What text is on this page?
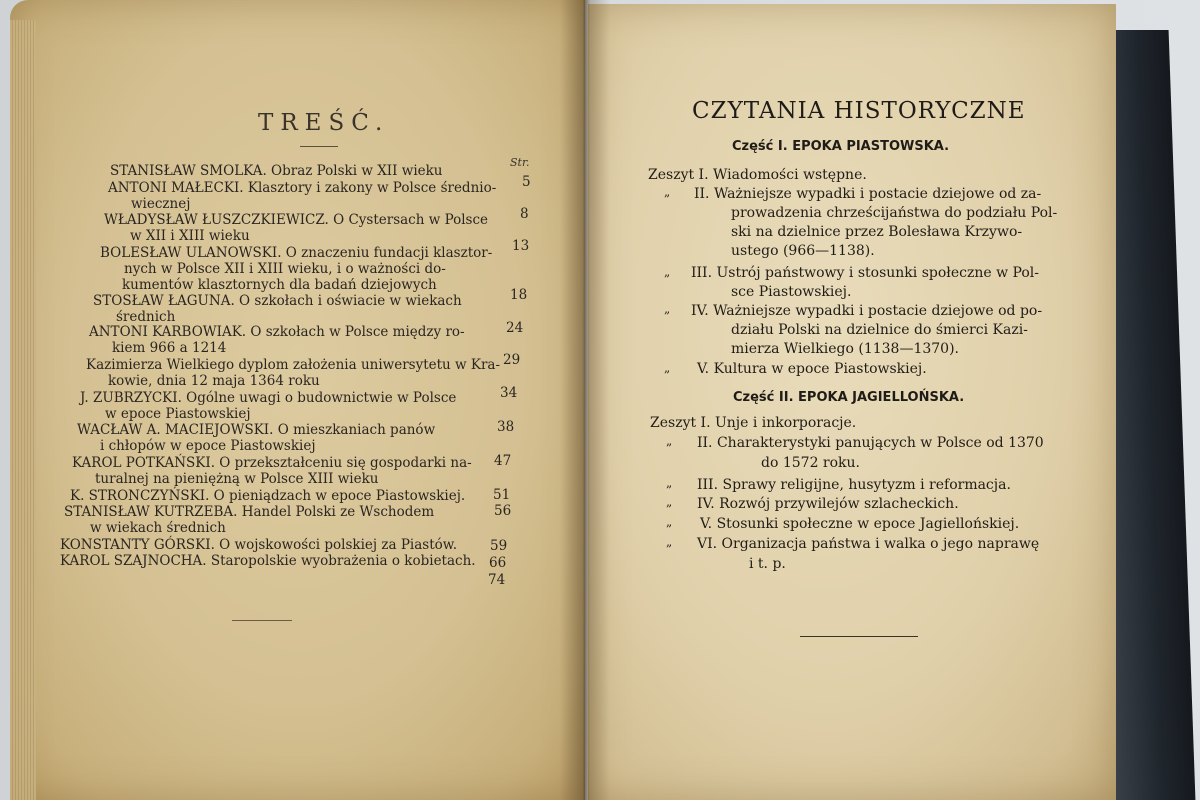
TREŚĆ.
Str.
STANISŁAW SMOLKA. Obraz Polski w XII wieku
ANTONI MAŁECKI. Klasztory i zakony w Polsce średnio-
wiecznej
WŁADYSŁAW ŁUSZCZKIEWICZ. O Cystersach w Polsce
w XII i XIII wieku
BOLESŁAW ULANOWSKI. O znaczeniu fundacji klasztor-
nych w Polsce XII i XIII wieku, i o ważności do-
kumentów klasztornych dla badań dziejowych
STOSŁAW ŁAGUNA. O szkołach i oświacie w wiekach
średnich
ANTONI KARBOWIAK. O szkołach w Polsce między ro-
kiem 966 a 1214
Kazimierza Wielkiego dyplom założenia uniwersytetu w Kra-
kowie, dnia 12 maja 1364 roku
J. ZUBRZYCKI. Ogólne uwagi o budownictwie w Polsce
w epoce Piastowskiej
WACŁAW A. MACIEJOWSKI. O mieszkaniach panów
i chłopów w epoce Piastowskiej
KAROL POTKAŃSKI. O przekształceniu się gospodarki na-
turalnej na pieniężną w Polsce XIII wieku
K. STRONCZYŃSKI. O pieniądzach w epoce Piastowskiej.
STANISŁAW KUTRZEBA. Handel Polski ze Wschodem
w wiekach średnich
KONSTANTY GÓRSKI. O wojskowości polskiej za Piastów.
KAROL SZAJNOCHA. Staropolskie wyobrażenia o kobietach.
5
8
13
18
24
29
34
38
47
51
56
59
66
74
CZYTANIA HISTORYCZNE
Część I. EPOKA PIASTOWSKA.
Część II. EPOKA JAGIELLOŃSKA.
Zeszyt I. Wiadomości wstępne.
II. Ważniejsze wypadki i postacie dziejowe od za-
prowadzenia chrześcijaństwa do podziału Pol-
ski na dzielnice przez Bolesława Krzywo-
ustego (966—1138).
III. Ustrój państwowy i stosunki społeczne w Pol-
sce Piastowskiej.
IV. Ważniejsze wypadki i postacie dziejowe od po-
działu Polski na dzielnice do śmierci Kazi-
mierza Wielkiego (1138—1370).
V. Kultura w epoce Piastowskiej.
Zeszyt I. Unje i inkorporacje.
II. Charakterystyki panujących w Polsce od 1370
do 1572 roku.
III. Sprawy religijne, husytyzm i reformacja.
IV. Rozwój przywilejów szlacheckich.
V. Stosunki społeczne w epoce Jagiellońskiej.
VI. Organizacja państwa i walka o jego naprawę
i t. p.
„
„
„
„
„
„
„
„
„
